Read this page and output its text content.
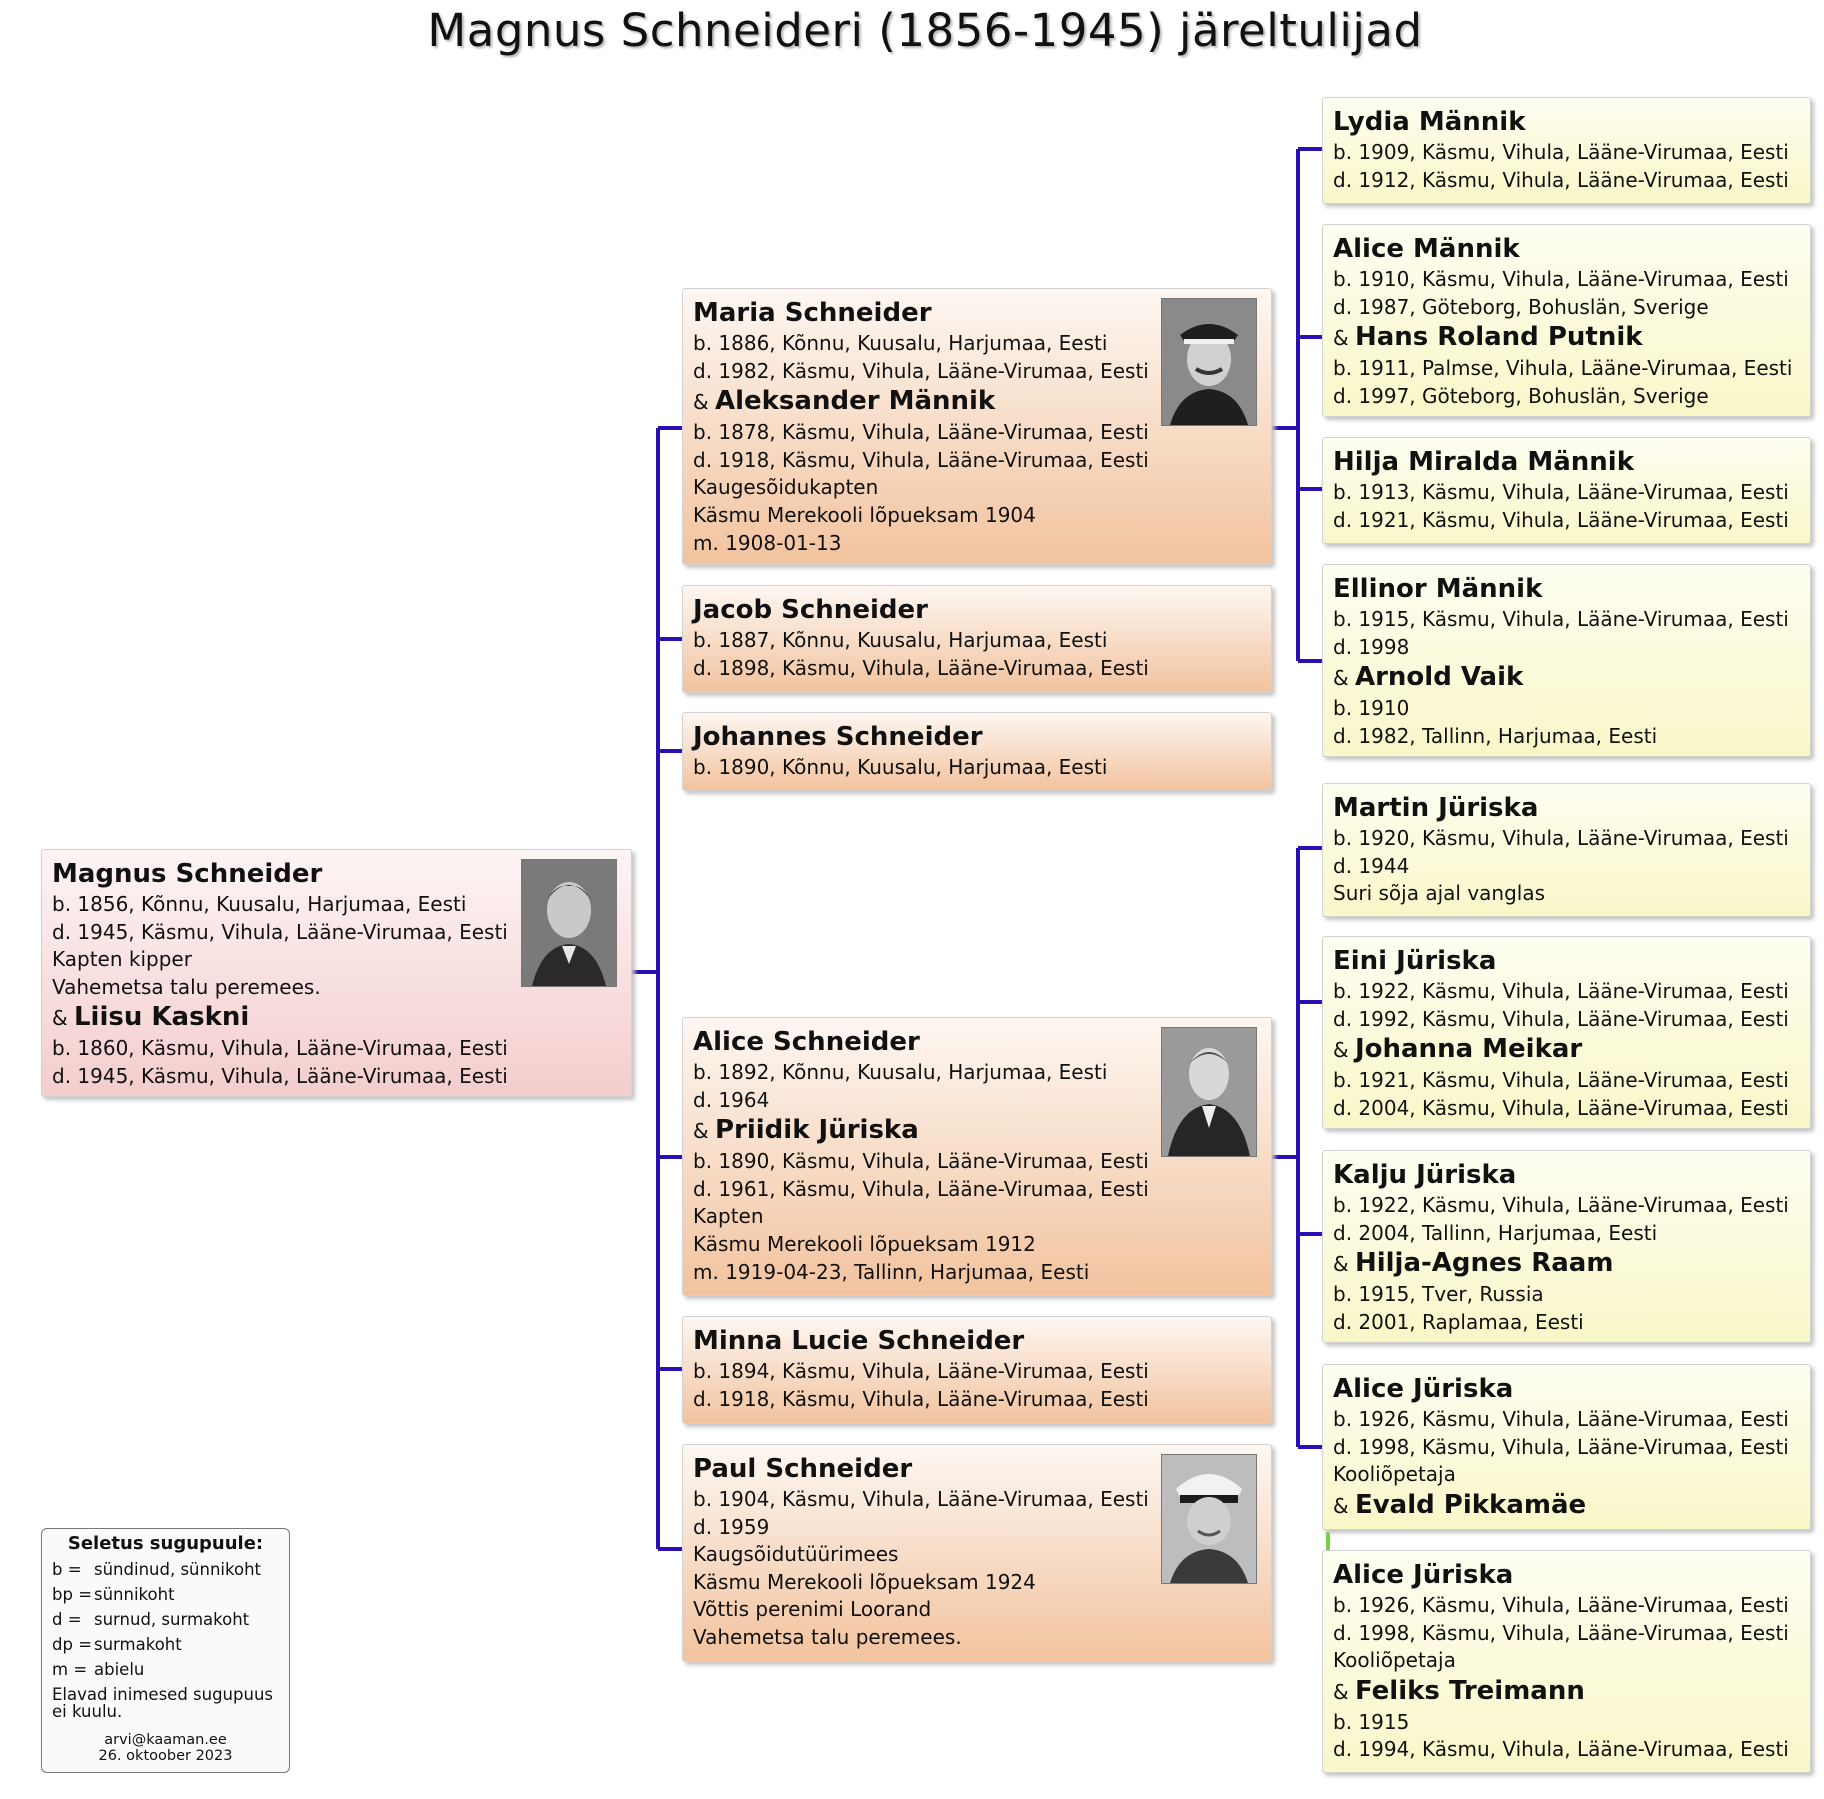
Magnus Schneideri (1856-1945) järeltulijad
Magnus Schneider
b. 1856, Kõnnu, Kuusalu, Harjumaa, Eesti
d. 1945, Käsmu, Vihula, Lääne-Virumaa, Eesti
Kapten kipper
Vahemetsa talu peremees.
& Liisu Kaskni
b. 1860, Käsmu, Vihula, Lääne-Virumaa, Eesti
d. 1945, Käsmu, Vihula, Lääne-Virumaa, Eesti
Maria Schneider
b. 1886, Kõnnu, Kuusalu, Harjumaa, Eesti
d. 1982, Käsmu, Vihula, Lääne-Virumaa, Eesti
& Aleksander Männik
b. 1878, Käsmu, Vihula, Lääne-Virumaa, Eesti
d. 1918, Käsmu, Vihula, Lääne-Virumaa, Eesti
Kaugesõidukapten
Käsmu Merekooli lõpueksam 1904
m. 1908-01-13
Jacob Schneider
b. 1887, Kõnnu, Kuusalu, Harjumaa, Eesti
d. 1898, Käsmu, Vihula, Lääne-Virumaa, Eesti
Johannes Schneider
b. 1890, Kõnnu, Kuusalu, Harjumaa, Eesti
Alice Schneider
b. 1892, Kõnnu, Kuusalu, Harjumaa, Eesti
d. 1964
& Priidik Jüriska
b. 1890, Käsmu, Vihula, Lääne-Virumaa, Eesti
d. 1961, Käsmu, Vihula, Lääne-Virumaa, Eesti
Kapten
Käsmu Merekooli lõpueksam 1912
m. 1919-04-23, Tallinn, Harjumaa, Eesti
Minna Lucie Schneider
b. 1894, Käsmu, Vihula, Lääne-Virumaa, Eesti
d. 1918, Käsmu, Vihula, Lääne-Virumaa, Eesti
Paul Schneider
b. 1904, Käsmu, Vihula, Lääne-Virumaa, Eesti
d. 1959
Kaugsõidutüürimees
Käsmu Merekooli lõpueksam 1924
Võttis perenimi Loorand
Vahemetsa talu peremees.
Lydia Männik
b. 1909, Käsmu, Vihula, Lääne-Virumaa, Eesti
d. 1912, Käsmu, Vihula, Lääne-Virumaa, Eesti
Alice Männik
b. 1910, Käsmu, Vihula, Lääne-Virumaa, Eesti
d. 1987, Göteborg, Bohuslän, Sverige
& Hans Roland Putnik
b. 1911, Palmse, Vihula, Lääne-Virumaa, Eesti
d. 1997, Göteborg, Bohuslän, Sverige
Hilja Miralda Männik
b. 1913, Käsmu, Vihula, Lääne-Virumaa, Eesti
d. 1921, Käsmu, Vihula, Lääne-Virumaa, Eesti
Ellinor Männik
b. 1915, Käsmu, Vihula, Lääne-Virumaa, Eesti
d. 1998
& Arnold Vaik
b. 1910
d. 1982, Tallinn, Harjumaa, Eesti
Martin Jüriska
b. 1920, Käsmu, Vihula, Lääne-Virumaa, Eesti
d. 1944
Suri sõja ajal vanglas
Eini Jüriska
b. 1922, Käsmu, Vihula, Lääne-Virumaa, Eesti
d. 1992, Käsmu, Vihula, Lääne-Virumaa, Eesti
& Johanna Meikar
b. 1921, Käsmu, Vihula, Lääne-Virumaa, Eesti
d. 2004, Käsmu, Vihula, Lääne-Virumaa, Eesti
Kalju Jüriska
b. 1922, Käsmu, Vihula, Lääne-Virumaa, Eesti
d. 2004, Tallinn, Harjumaa, Eesti
& Hilja-Agnes Raam
b. 1915, Tver, Russia
d. 2001, Raplamaa, Eesti
Alice Jüriska
b. 1926, Käsmu, Vihula, Lääne-Virumaa, Eesti
d. 1998, Käsmu, Vihula, Lääne-Virumaa, Eesti
Kooliõpetaja
& Evald Pikkamäe
Alice Jüriska
b. 1926, Käsmu, Vihula, Lääne-Virumaa, Eesti
d. 1998, Käsmu, Vihula, Lääne-Virumaa, Eesti
Kooliõpetaja
& Feliks Treimann
b. 1915
d. 1994, Käsmu, Vihula, Lääne-Virumaa, Eesti
Seletus sugupuule:
b = sündinud, sünnikoht
bp = sünnikoht
d = surnud, surmakoht
dp = surmakoht
m = abielu
Elavad inimesed sugupuus ei kuulu.
arvi@kaaman.ee
26. oktoober 2023
